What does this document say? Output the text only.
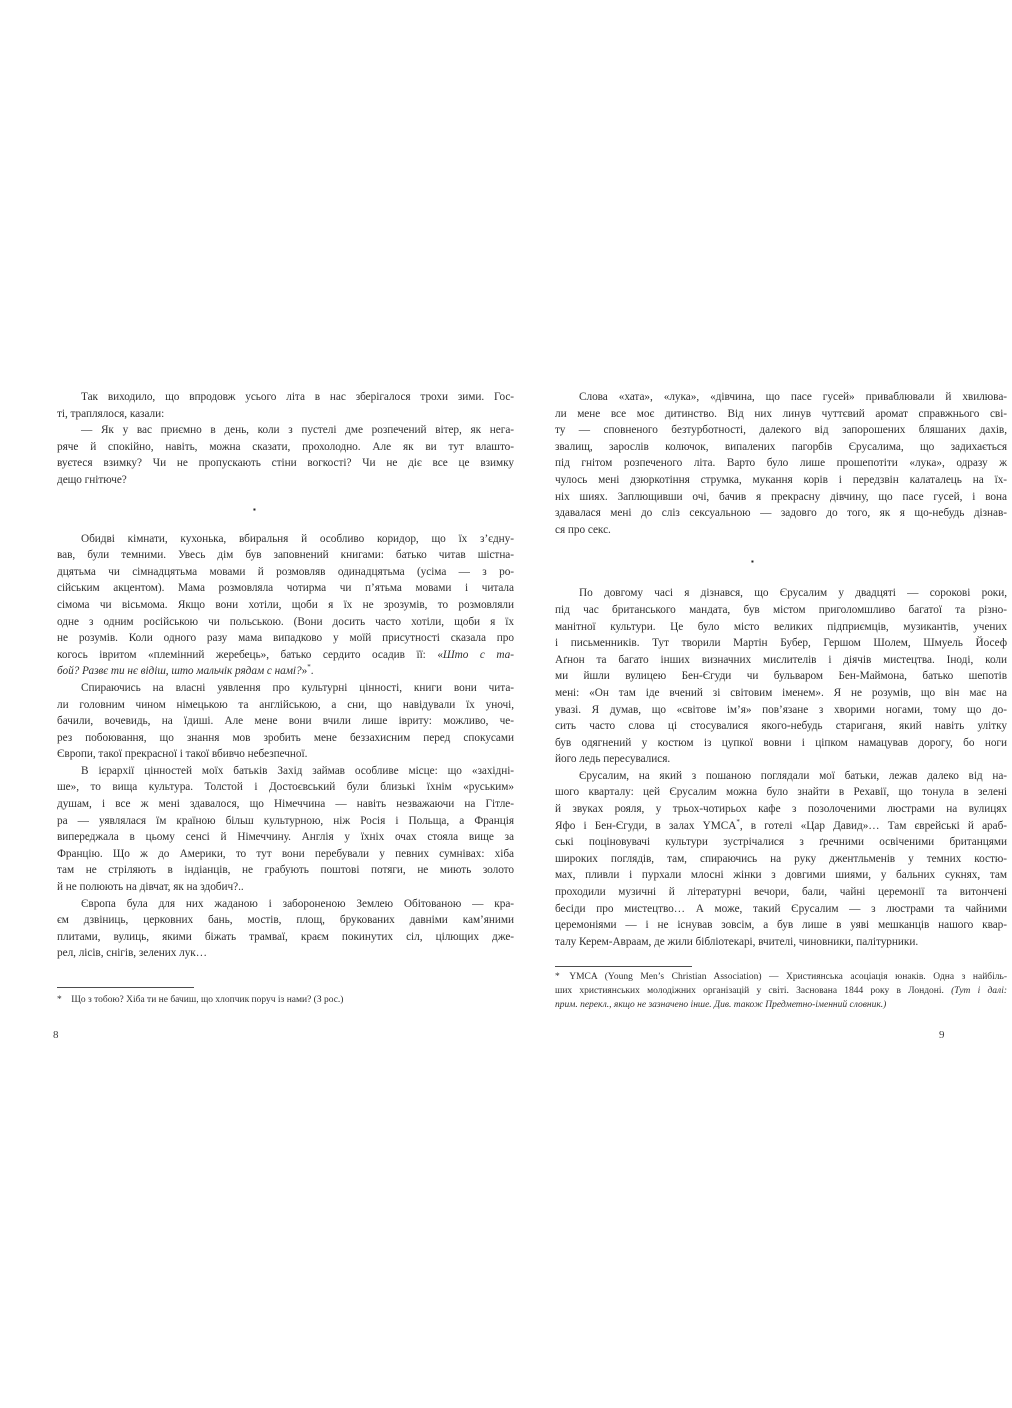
Так виходило, що впродовж усього літа в нас зберігалося трохи зими. Гос-
ті, траплялося, казали:
— Як у вас приємно в день, коли з пустелі дме розпечений вітер, як нега-
ряче й спокійно, навіть, можна сказати, прохолодно. Але як ви тут влашто-
вуєтеся взимку? Чи не пропускають стіни вогкості? Чи не діє все це взимку
дещо гнітюче?
▪
Обидві кімнати, кухонька, вбиральня й особливо коридор, що їх з’єдну-
вав, були темними. Увесь дім був заповнений книгами: батько читав шістна-
дцятьма чи сімнадцятьма мовами й розмовляв одинадцятьма (усіма — з ро-
сійським акцентом). Мама розмовляла чотирма чи п’ятьма мовами і читала
сімома чи вісьмома. Якщо вони хотіли, щоби я їх не зрозумів, то розмовляли
одне з одним російською чи польською. (Вони досить часто хотіли, щоби я їх
не розумів. Коли одного разу мама випадково у моїй присутності сказала про
когось івритом «племінний жеребець», батько сердито осадив її: «Што с та-
бой? Развє ти нє відіш, што мальчік рядам с намі?»*.
Спираючись на власні уявлення про культурні цінності, книги вони чита-
ли головним чином німецькою та англійською, а сни, що навідували їх уночі,
бачили, вочевидь, на їдиші. Але мене вони вчили лише івриту: можливо, че-
рез побоювання, що знання мов зробить мене беззахисним перед спокусами
Європи, такої прекрасної і такої вбивчо небезпечної.
В ієрархії цінностей моїх батьків Захід займав особливе місце: що «західні-
ше», то вища культура. Толстой і Достоєвський були близькі їхнім «руським»
душам, і все ж мені здавалося, що Німеччина — навіть незважаючи на Гітле-
ра — уявлялася їм країною більш культурною, ніж Росія і Польща, а Франція
випереджала в цьому сенсі й Німеччину. Англія у їхніх очах стояла вище за
Францію. Що ж до Америки, то тут вони перебували у певних сумнівах: хіба
там не стріляють в індіанців, не грабують поштові потяги, не миють золото
й не полюють на дівчат, як на здобич?..
Європа була для них жаданою і забороненою Землею Обітованою — кра-
єм дзвіниць, церковних бань, мостів, площ, брукованих давніми кам’яними
плитами, вулиць, якими біжать трамваї, краєм покинутих сіл, цілющих дже-
рел, лісів, снігів, зелених лук…
Слова «хата», «лука», «дівчина, що пасе гусей» приваблювали й хвилюва-
ли мене все моє дитинство. Від них линув чуттєвий аромат справжнього сві-
ту — сповненого безтурботності, далекого від запорошених бляшаних дахів,
звалищ, зарослів колючок, випалених пагорбів Єрусалима, що задихається
під гнітом розпеченого літа. Варто було лише прошепотіти «лука», одразу ж
чулось мені дзюркотіння струмка, мукання корів і передзвін калаталець на їх-
ніх шиях. Заплющивши очі, бачив я прекрасну дівчину, що пасе гусей, і вона
здавалася мені до сліз сексуальною — задовго до того, як я що-небудь дізнав-
ся про секс.
▪
По довгому часі я дізнався, що Єрусалим у двадцяті — сорокові роки,
під час британського мандата, був містом приголомшливо багатої та різно-
манітної культури. Це було місто великих підприємців, музикантів, учених
і письменників. Тут творили Мартін Бубер, Гершом Шолем, Шмуель Йосеф
Аґнон та багато інших визначних мислителів і діячів мистецтва. Іноді, коли
ми йшли вулицею Бен-Єгуди чи бульваром Бен-Маймона, батько шепотів
мені: «Он там іде вчений зі світовим іменем». Я не розумів, що він має на
увазі. Я думав, що «світове ім’я» пов’язане з хворими ногами, тому що до-
сить часто слова ці стосувалися якого-небудь стариганя, який навіть улітку
був одягнений у костюм із цупкої вовни і ціпком намацував дорогу, бо ноги
його ледь пересувалися.
Єрусалим, на який з пошаною поглядали мої батьки, лежав далеко від на-
шого кварталу: цей Єрусалим можна було знайти в Рехавії, що тонула в зелені
й звуках рояля, у трьох-чотирьох кафе з позолоченими люстрами на вулицях
Яфо і Бен-Єгуди, в залах YMCA*, в готелі «Цар Давид»… Там єврейські й араб-
ські поціновувачі культури зустрічалися з ґречними освіченими британцями
широких поглядів, там, спираючись на руку джентльменів у темних костю-
мах, пливли і пурхали млосні жінки з довгими шиями, у бальних сукнях, там
проходили музичні й літературні вечори, бали, чайні церемонії та витончені
бесіди про мистецтво… А може, такий Єрусалим — з люстрами та чайними
церемоніями — і не існував зовсім, а був лише в уяві мешканців нашого квар-
талу Керем-Авраам, де жили бібліотекарі, вчителі, чиновники, палітурники.
*  Що з тобою? Хіба ти не бачиш, що хлопчик поруч із нами? (З рос.)
*  YMCA (Young Men’s Christian Association) — Християнська асоціація юнаків. Одна з найбіль-
ших християнських молодіжних організацій у світі. Заснована 1844 року в Лондоні. (Тут і далі:
прим. перекл., якщо не зазначено інше. Див. також Предметно-іменний словник.)
8	9
